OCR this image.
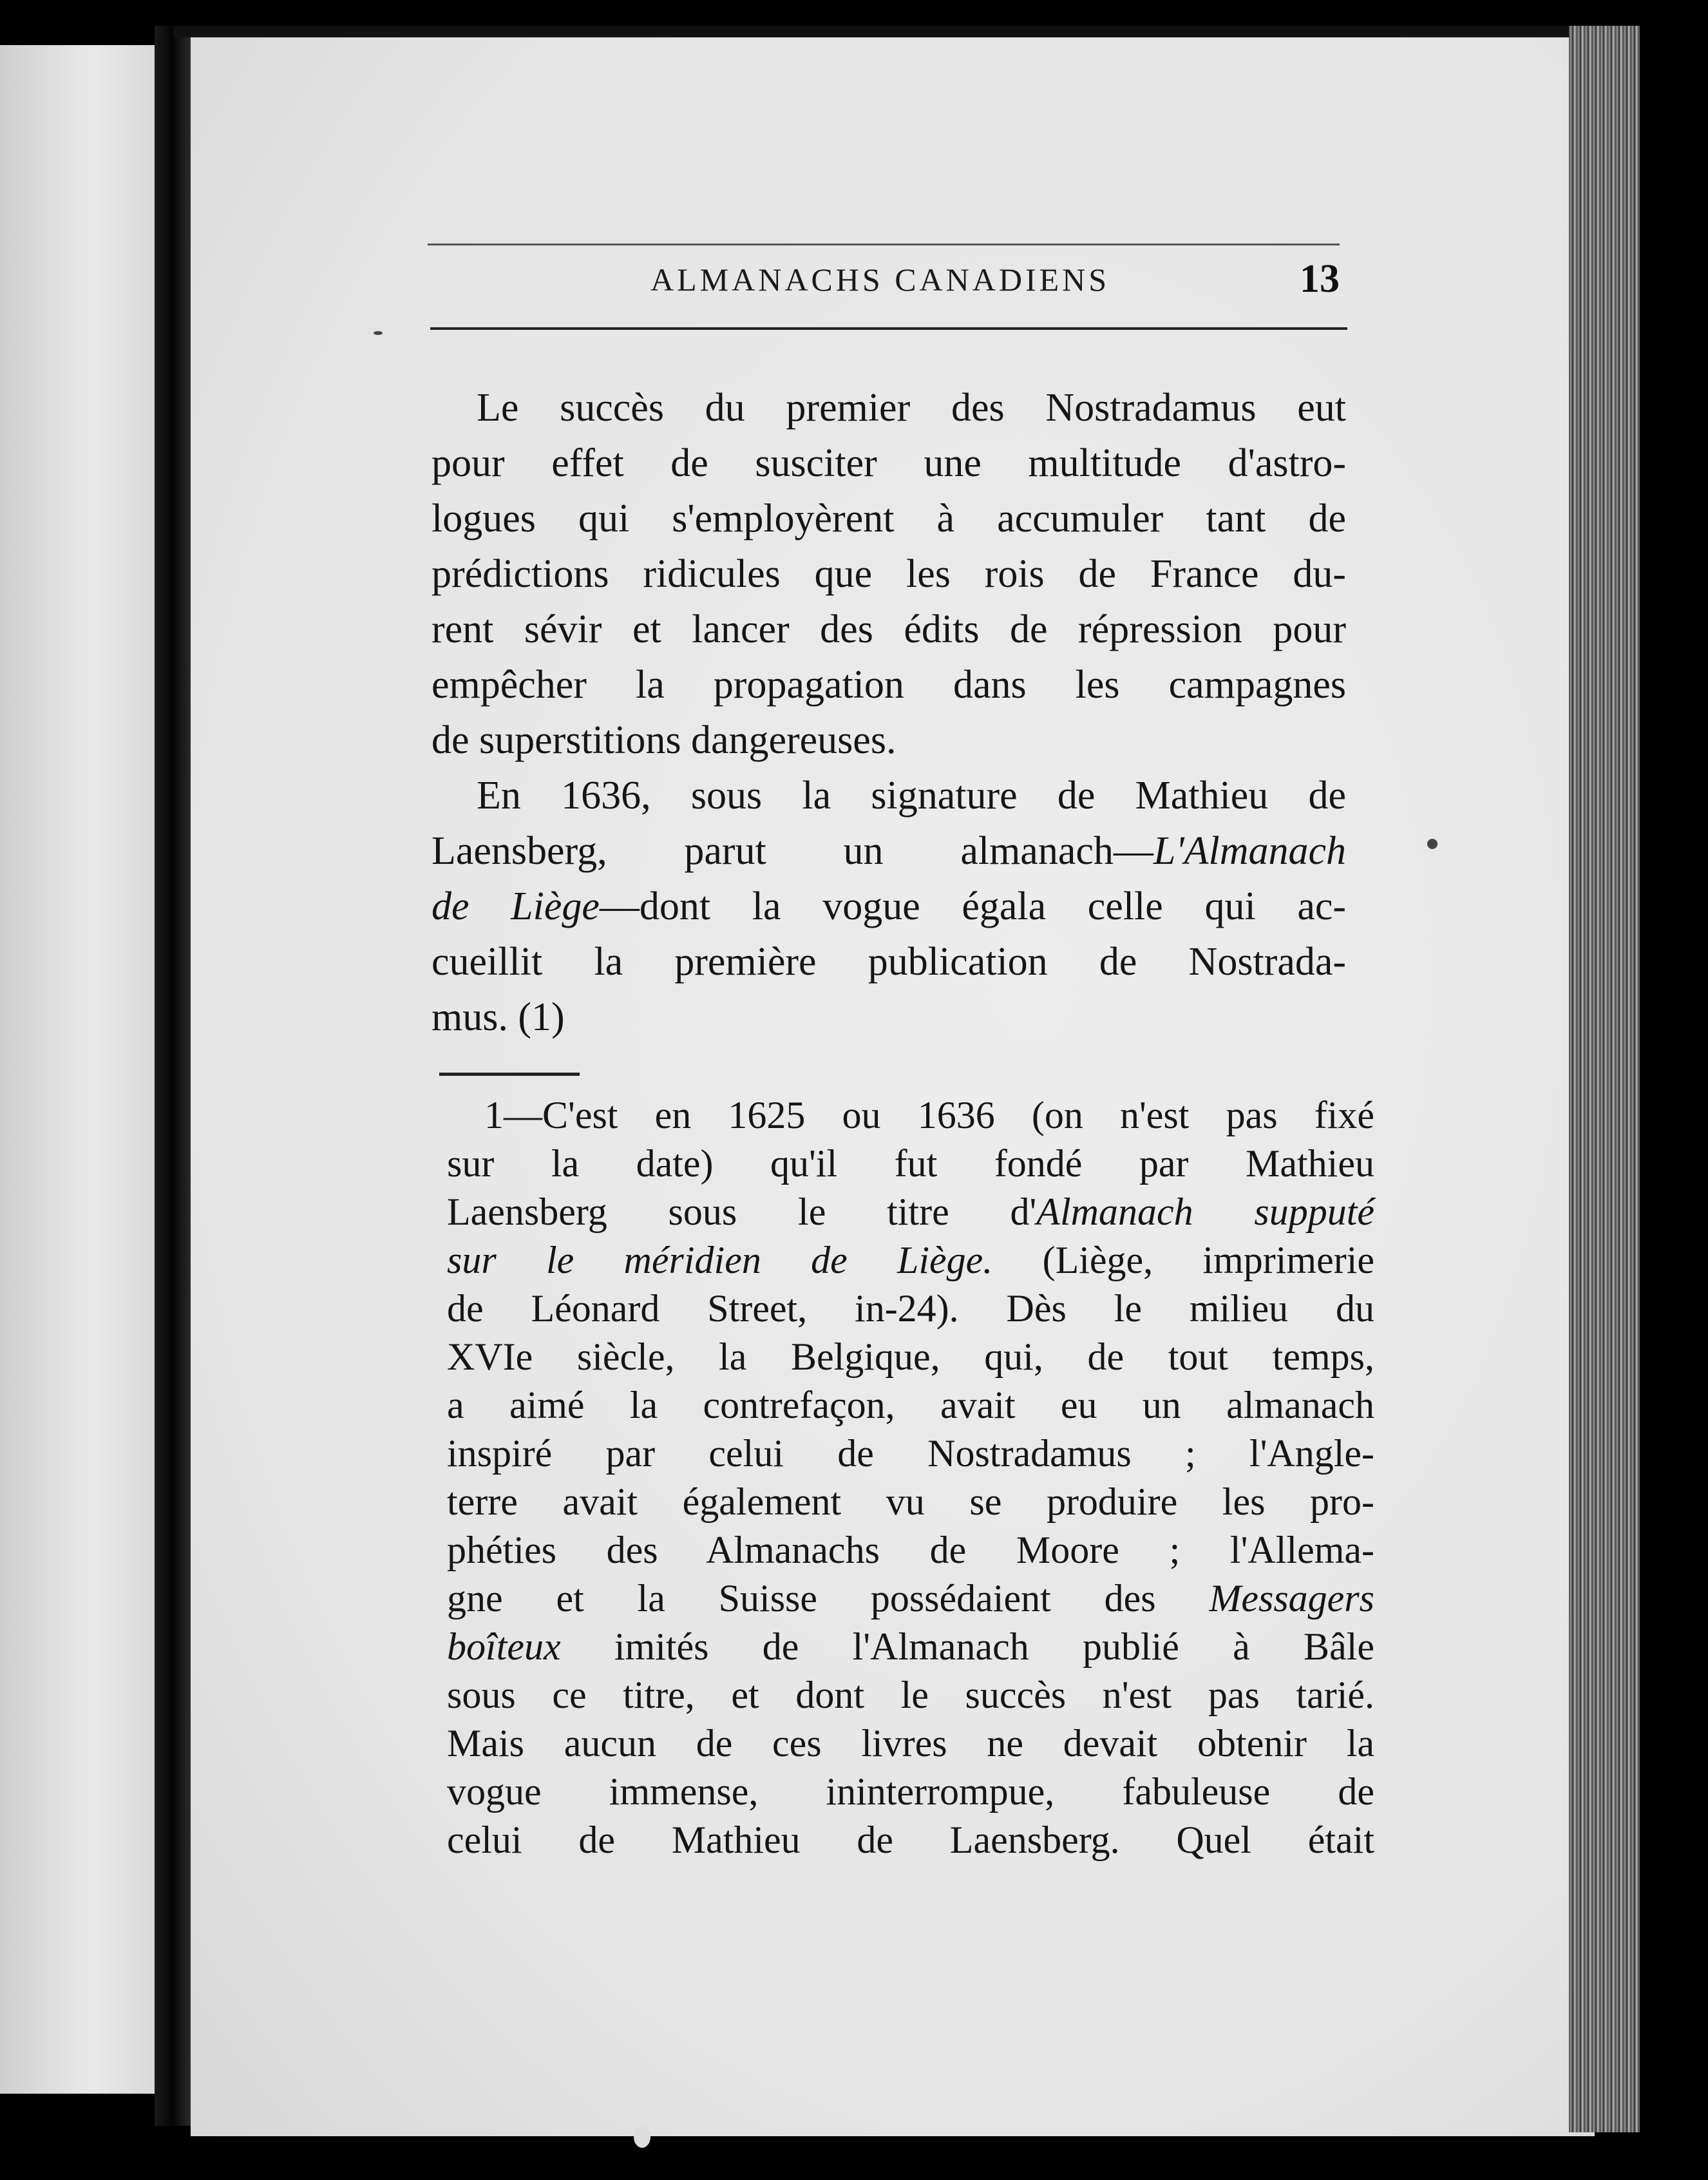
ALMANACHS CANADIENS	13
Le succès du premier des Nostradamus eut
pour effet de susciter une multitude d'astro-
logues qui s'employèrent à accumuler tant de
prédictions ridicules que les rois de France du-
rent sévir et lancer des édits de répression pour
empêcher la propagation dans les campagnes
de superstitions dangereuses.
En 1636, sous la signature de Mathieu de
Laensberg, parut un almanach—L'Almanach
de Liège—dont la vogue égala celle qui ac-
cueillit la première publication de Nostrada-
mus. (1)
1—C'est en 1625 ou 1636 (on n'est pas fixé
sur la date) qu'il fut fondé par Mathieu
Laensberg sous le titre d'Almanach supputé
sur le méridien de Liège. (Liège, imprimerie
de Léonard Street, in-24). Dès le milieu du
XVIe siècle, la Belgique, qui, de tout temps,
a aimé la contrefaçon, avait eu un almanach
inspiré par celui de Nostradamus ; l'Angle-
terre avait également vu se produire les pro-
phéties des Almanachs de Moore ; l'Allema-
gne et la Suisse possédaient des Messagers
boîteux imités de l'Almanach publié à Bâle
sous ce titre, et dont le succès n'est pas tarié.
Mais aucun de ces livres ne devait obtenir la
vogue immense, ininterrompue, fabuleuse de
celui de Mathieu de Laensberg. Quel était
